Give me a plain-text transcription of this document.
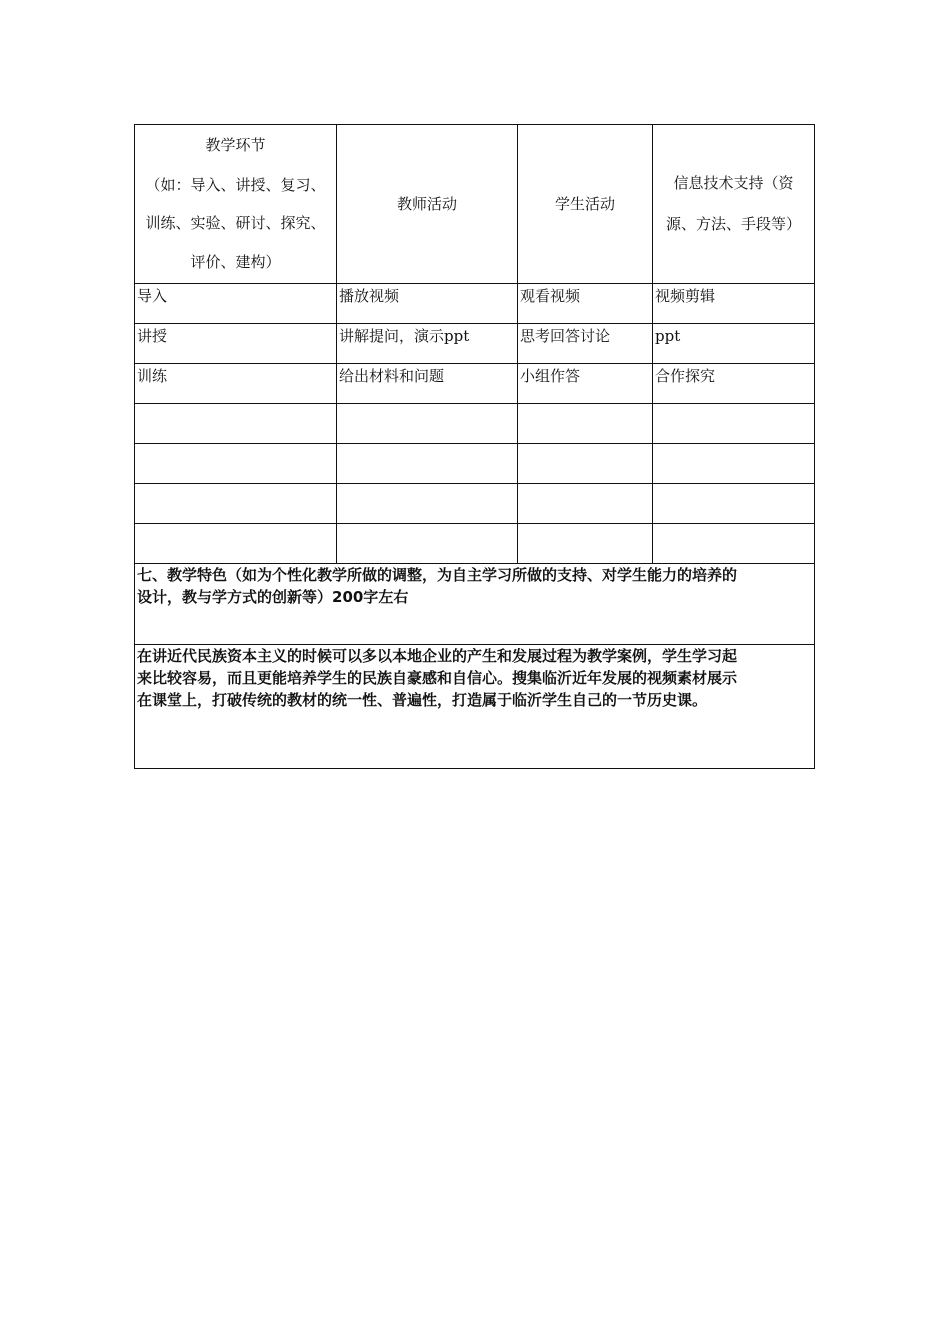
教学环节
（如：导入、讲授、复习、
训练、实验、研讨、探究、
评价、建构）	教师活动	学生活动	信息技术支持（资
源、方法、手段等）

导入	播放视频	观看视频	视频剪辑
讲授	讲解提问，演示ppt	思考回答讨论	ppt
训练	给出材料和问题	小组作答	合作探究

七、教学特色（如为个性化教学所做的调整，为自主学习所做的支持、对学生能力的培养的
设计，教与学方式的创新等）200字左右			

在讲近代民族资本主义的时候可以多以本地企业的产生和发展过程为教学案例，学生学习起
来比较容易，而且更能培养学生的民族自豪感和自信心。搜集临沂近年发展的视频素材展示
在课堂上，打破传统的教材的统一性、普遍性，打造属于临沂学生自己的一节历史课。			
